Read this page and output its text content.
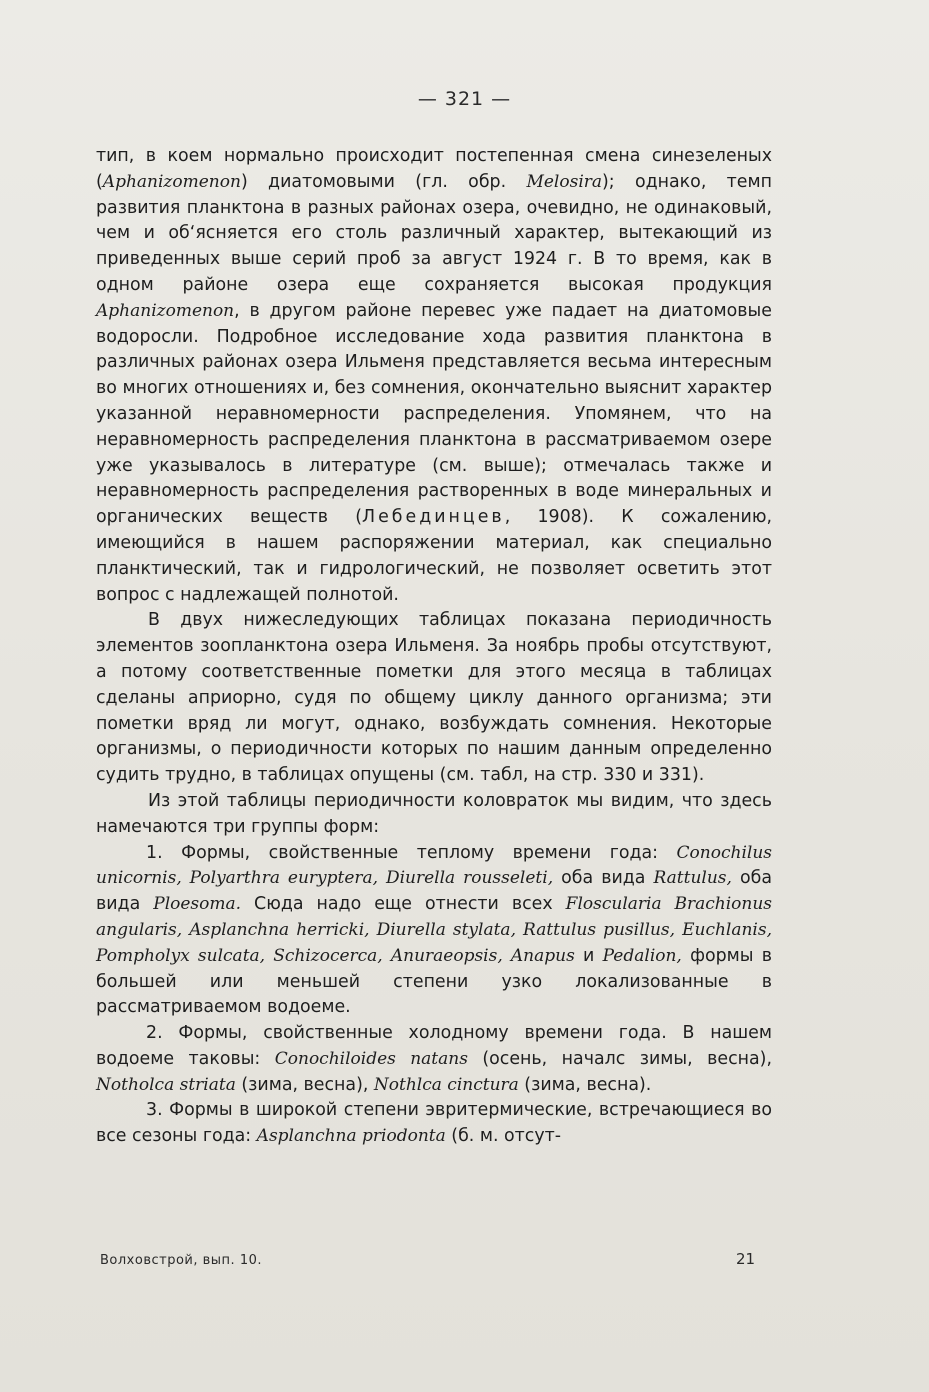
— 321 —

тип, в коем нормально происходит постепенная смена синезеленых (Aphanizomenon) диатомовыми (гл. обр. Melosira); однако, темп развития планктона в разных районах озера, очевидно, не одинаковый, чем и об‘ясняется его столь различный характер, вытекающий из приведенных выше серий проб за август 1924 г. В то время, как в одном районе озера еще сохраняется высокая продукция Aphanizomenon, в другом районе перевес уже падает на диатомовые водоросли. Подробное исследование хода развития планктона в различных районах озера Ильменя представляется весьма интересным во многих отношениях и, без сомнения, окончательно выяснит характер указанной неравномерности распределения. Упомянем, что на неравномерность распределения планктона в рассматриваемом озере уже указывалось в литературе (см. выше); отмечалась также и неравномерность распределения растворенных в воде минеральных и органических веществ (Лебединцев, 1908). К сожалению, имеющийся в нашем распоряжении материал, как специально планктический, так и гидрологический, не позволяет осветить этот вопрос с надлежащей полнотой.

В двух нижеследующих таблицах показана периодичность элементов зоопланктона озера Ильменя. За ноябрь пробы отсутствуют, а потому соответственные пометки для этого месяца в таблицах сделаны априорно, судя по общему циклу данного организма; эти пометки вряд ли могут, однако, возбуждать сомнения. Некоторые организмы, о периодичности которых по нашим данным определенно судить трудно, в таблицах опущены (см. табл, на стр. 330 и 331).

Из этой таблицы периодичности коловраток мы видим, что здесь намечаются три группы форм:

1. Формы, свойственные теплому времени года: Conochilus unicornis, Polyarthra euryptera, Diurella rousseleti, оба вида Rattulus, оба вида Ploesoma. Сюда надо еще отнести всех Floscularia Brachionus angularis, Asplanchna herricki, Diurella stylata, Rattulus pusillus, Euchlanis, Pompholyx sulcata, Schizocerca, Anuraeopsis, Anapus и Pedalion, формы в большей или меньшей степени узко локализованные в рассматриваемом водоеме.

2. Формы, свойственные холодному времени года. В нашем водоеме таковы: Conochiloides natans (осень, началс зимы, весна), Notholca striata (зима, весна), Nothlca cinctura (зима, весна).

3. Формы в широкой степени эвритермические, встречающиеся во все сезоны года: Asplanchna priodonta (б. м. отсут-

Волховстрой, вып. 10.	21
